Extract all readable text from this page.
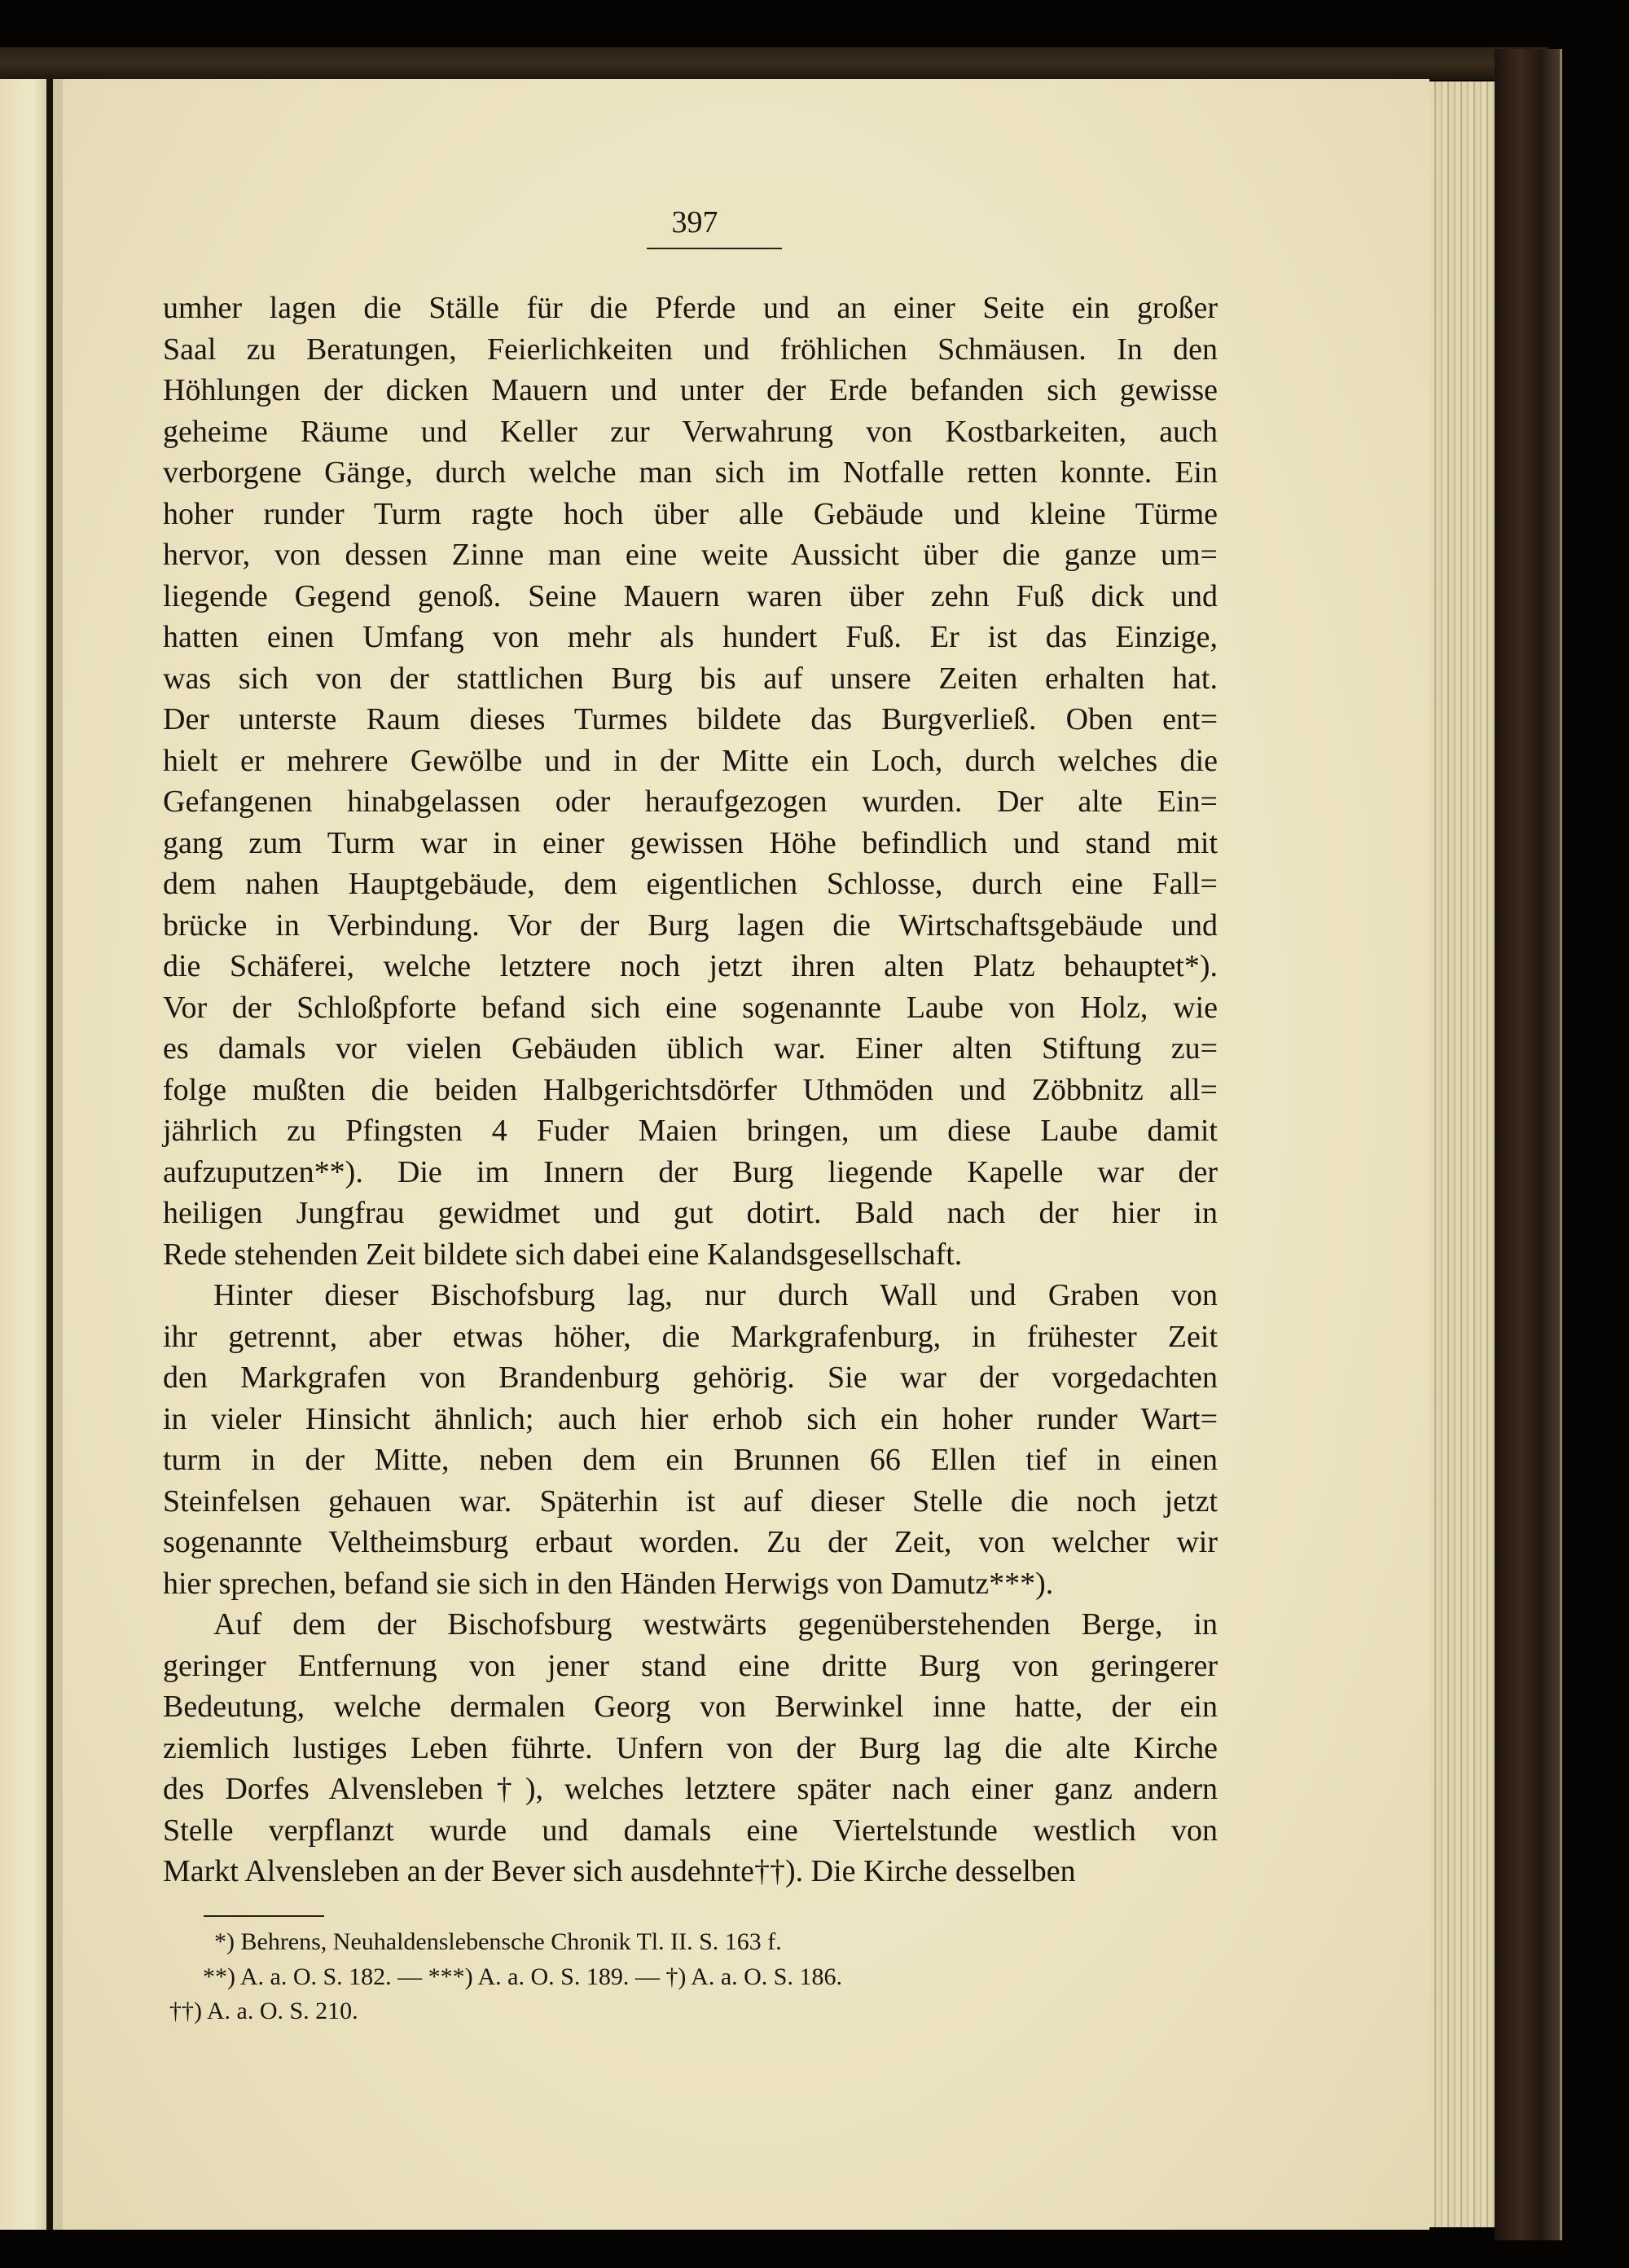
397
umher lagen die Ställe für die Pferde und an einer Seite ein großer
Saal zu Beratungen, Feierlichkeiten und fröhlichen Schmäusen. In den
Höhlungen der dicken Mauern und unter der Erde befanden sich gewisse
geheime Räume und Keller zur Verwahrung von Kostbarkeiten, auch
verborgene Gänge, durch welche man sich im Notfalle retten konnte. Ein
hoher runder Turm ragte hoch über alle Gebäude und kleine Türme
hervor, von dessen Zinne man eine weite Aussicht über die ganze um=
liegende Gegend genoß. Seine Mauern waren über zehn Fuß dick und
hatten einen Umfang von mehr als hundert Fuß. Er ist das Einzige,
was sich von der stattlichen Burg bis auf unsere Zeiten erhalten hat.
Der unterste Raum dieses Turmes bildete das Burgverließ. Oben ent=
hielt er mehrere Gewölbe und in der Mitte ein Loch, durch welches die
Gefangenen hinabgelassen oder heraufgezogen wurden. Der alte Ein=
gang zum Turm war in einer gewissen Höhe befindlich und stand mit
dem nahen Hauptgebäude, dem eigentlichen Schlosse, durch eine Fall=
brücke in Verbindung. Vor der Burg lagen die Wirtschaftsgebäude und
die Schäferei, welche letztere noch jetzt ihren alten Platz behauptet*).
Vor der Schloßpforte befand sich eine sogenannte Laube von Holz, wie
es damals vor vielen Gebäuden üblich war. Einer alten Stiftung zu=
folge mußten die beiden Halbgerichtsdörfer Uthmöden und Zöbbnitz all=
jährlich zu Pfingsten 4 Fuder Maien bringen, um diese Laube damit
aufzuputzen**). Die im Innern der Burg liegende Kapelle war der
heiligen Jungfrau gewidmet und gut dotirt. Bald nach der hier in
Rede stehenden Zeit bildete sich dabei eine Kalandsgesellschaft.
Hinter dieser Bischofsburg lag, nur durch Wall und Graben von
ihr getrennt, aber etwas höher, die Markgrafenburg, in frühester Zeit
den Markgrafen von Brandenburg gehörig. Sie war der vorgedachten
in vieler Hinsicht ähnlich; auch hier erhob sich ein hoher runder Wart=
turm in der Mitte, neben dem ein Brunnen 66 Ellen tief in einen
Steinfelsen gehauen war. Späterhin ist auf dieser Stelle die noch jetzt
sogenannte Veltheimsburg erbaut worden. Zu der Zeit, von welcher wir
hier sprechen, befand sie sich in den Händen Herwigs von Damutz***).
Auf dem der Bischofsburg westwärts gegenüberstehenden Berge, in
geringer Entfernung von jener stand eine dritte Burg von geringerer
Bedeutung, welche dermalen Georg von Berwinkel inne hatte, der ein
ziemlich lustiges Leben führte. Unfern von der Burg lag die alte Kirche
des Dorfes Alvensleben†), welches letztere später nach einer ganz andern
Stelle verpflanzt wurde und damals eine Viertelstunde westlich von
Markt Alvensleben an der Bever sich ausdehnte††). Die Kirche desselben
*) Behrens, Neuhaldenslebensche Chronik Tl. II. S. 163 f.
**) A. a. O. S. 182. — ***) A. a. O. S. 189. — †) A. a. O. S. 186.
††) A. a. O. S. 210.
